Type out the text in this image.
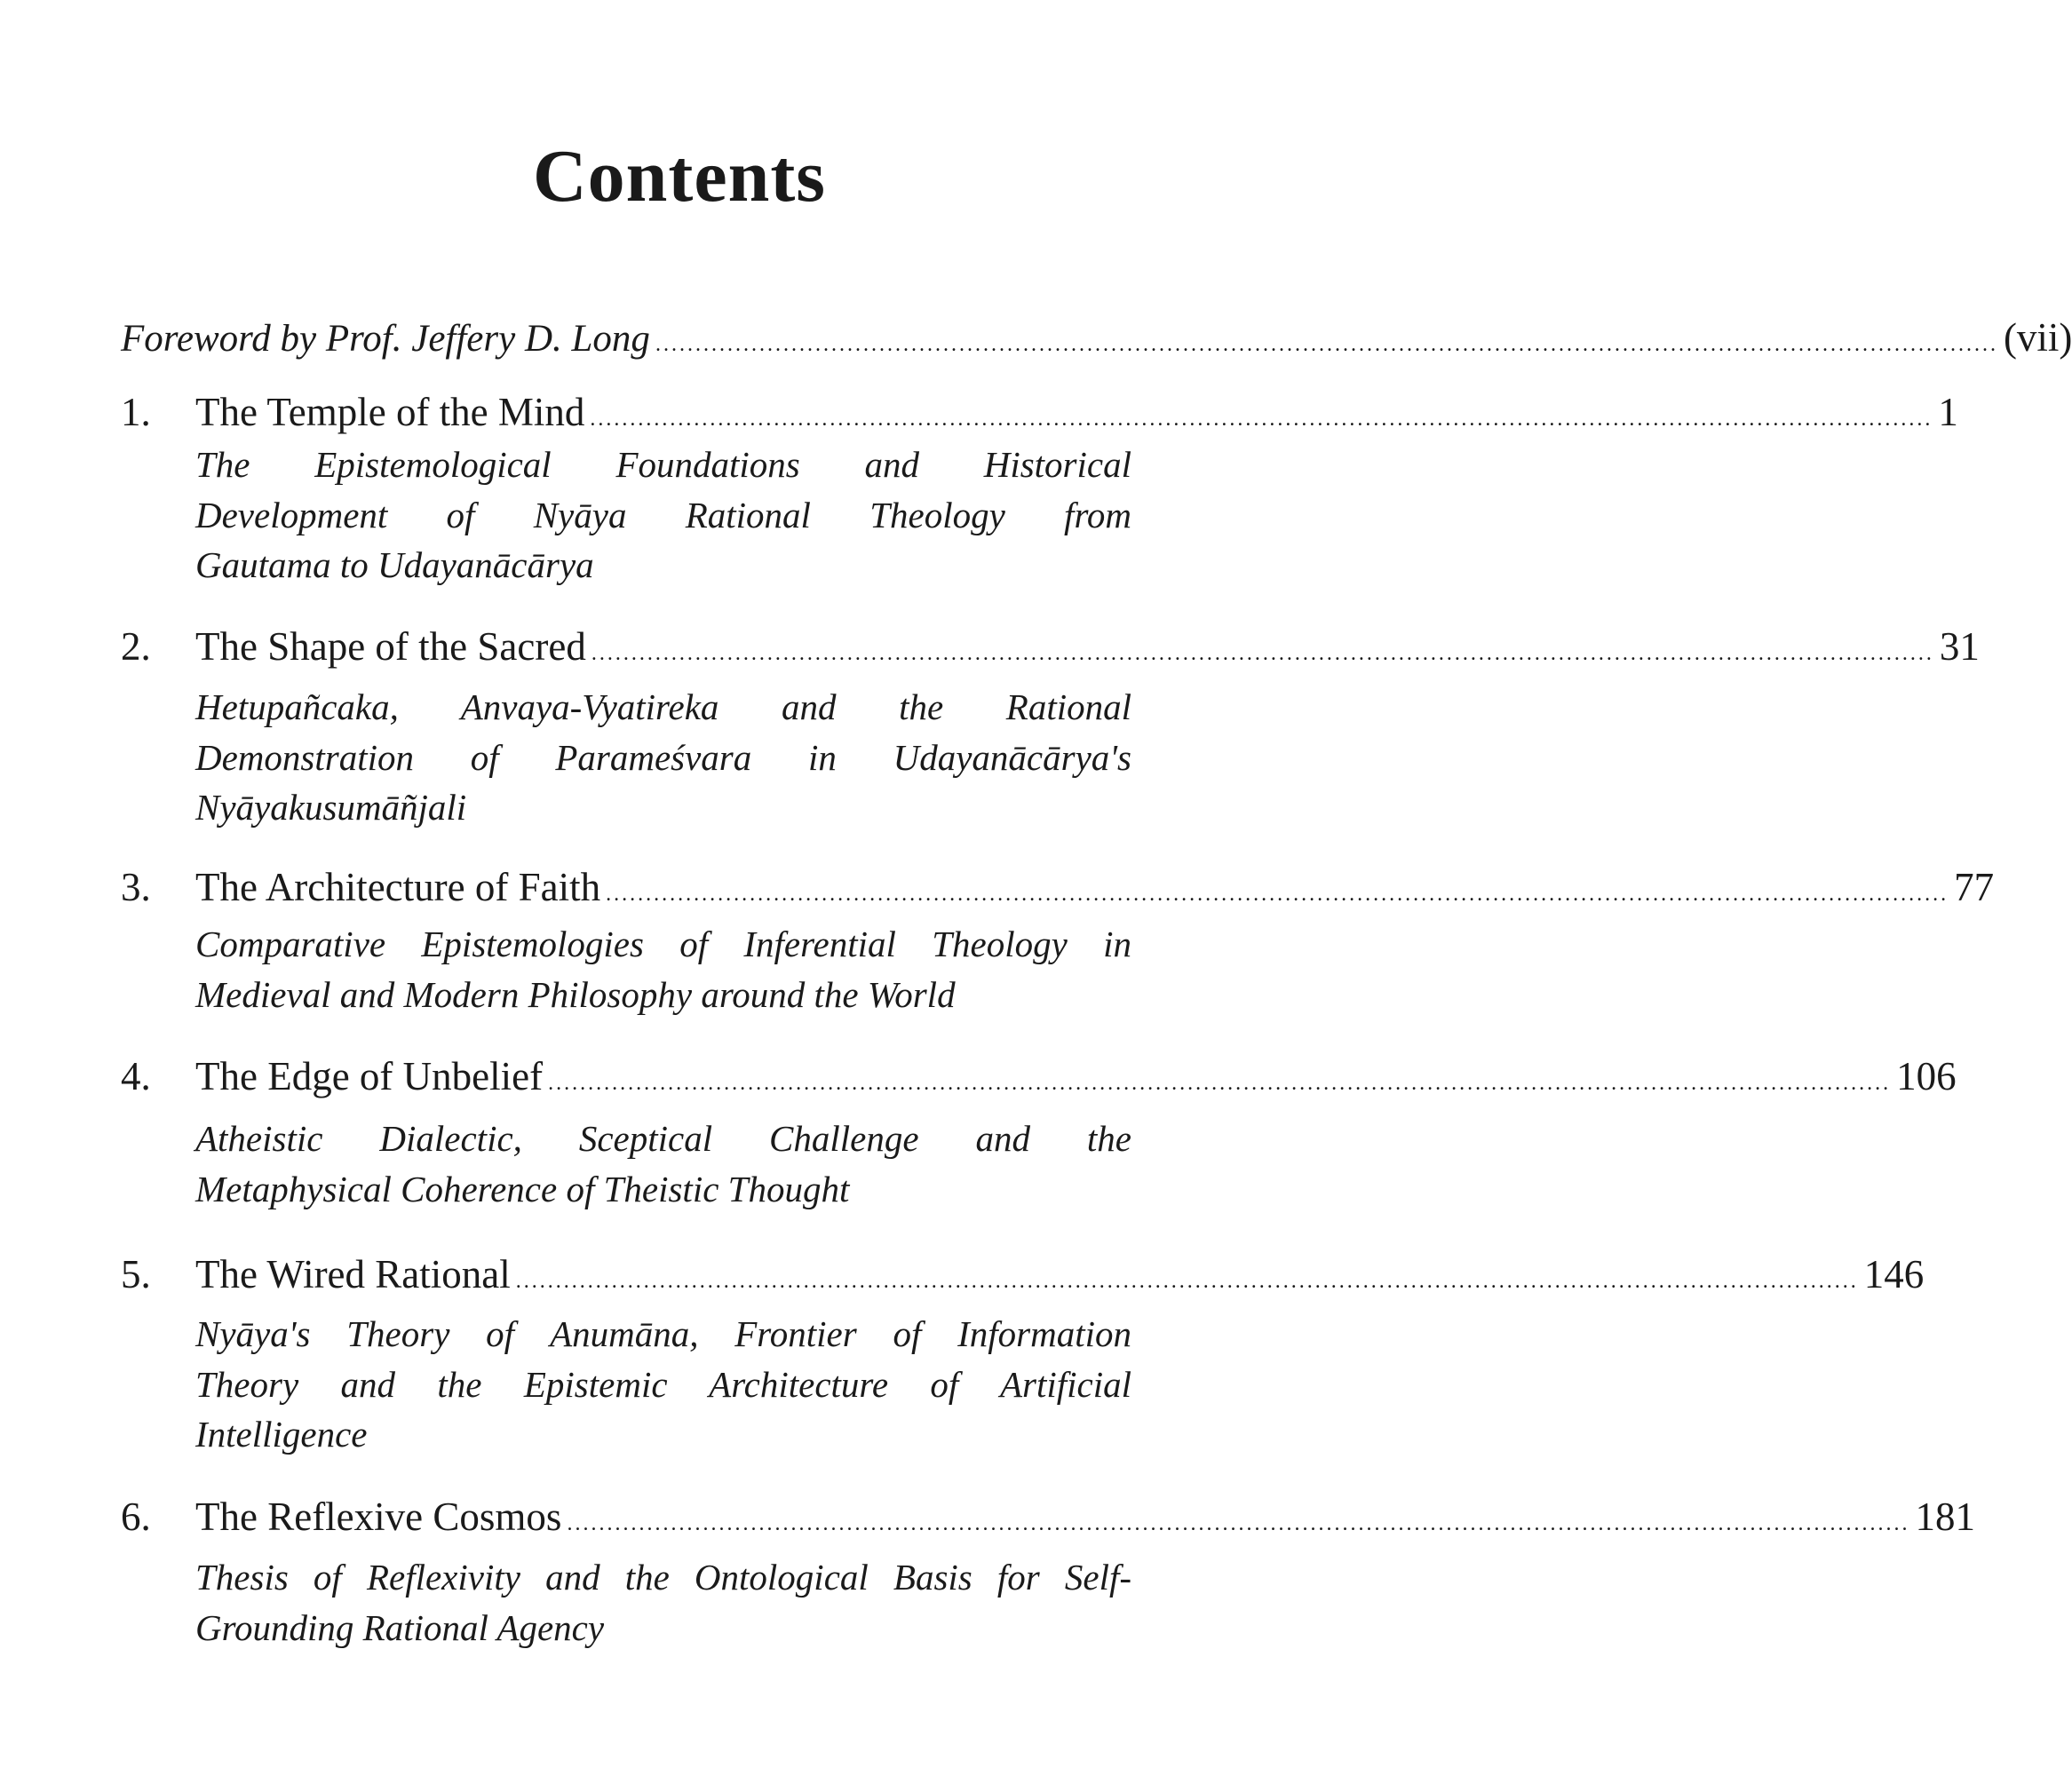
Contents
Foreword by Prof. Jeffery D. Long ........................................................................................................................................................................ (vii)
1.	The Temple of the Mind ........................................................................................................................................................................ 1
The Epistemological Foundations and Historical
Development of Nyāya Rational Theology from
Gautama to Udayanācārya
2.	The Shape of the Sacred ........................................................................................................................................................................ 31
Hetupañcaka, Anvaya-Vyatireka and the Rational
Demonstration of Parameśvara in Udayanācārya's
Nyāyakusumāñjali
3.	The Architecture of Faith ........................................................................................................................................................................ 77
Comparative Epistemologies of Inferential Theology in
Medieval and Modern Philosophy around the World
4.	The Edge of Unbelief ........................................................................................................................................................................ 106
Atheistic Dialectic, Sceptical Challenge and the
Metaphysical Coherence of Theistic Thought
5.	The Wired Rational ........................................................................................................................................................................ 146
Nyāya's Theory of Anumāna, Frontier of Information
Theory and the Epistemic Architecture of Artificial
Intelligence
6.	The Reflexive Cosmos ........................................................................................................................................................................ 181
Thesis of Reflexivity and the Ontological Basis for Self-
Grounding Rational Agency
